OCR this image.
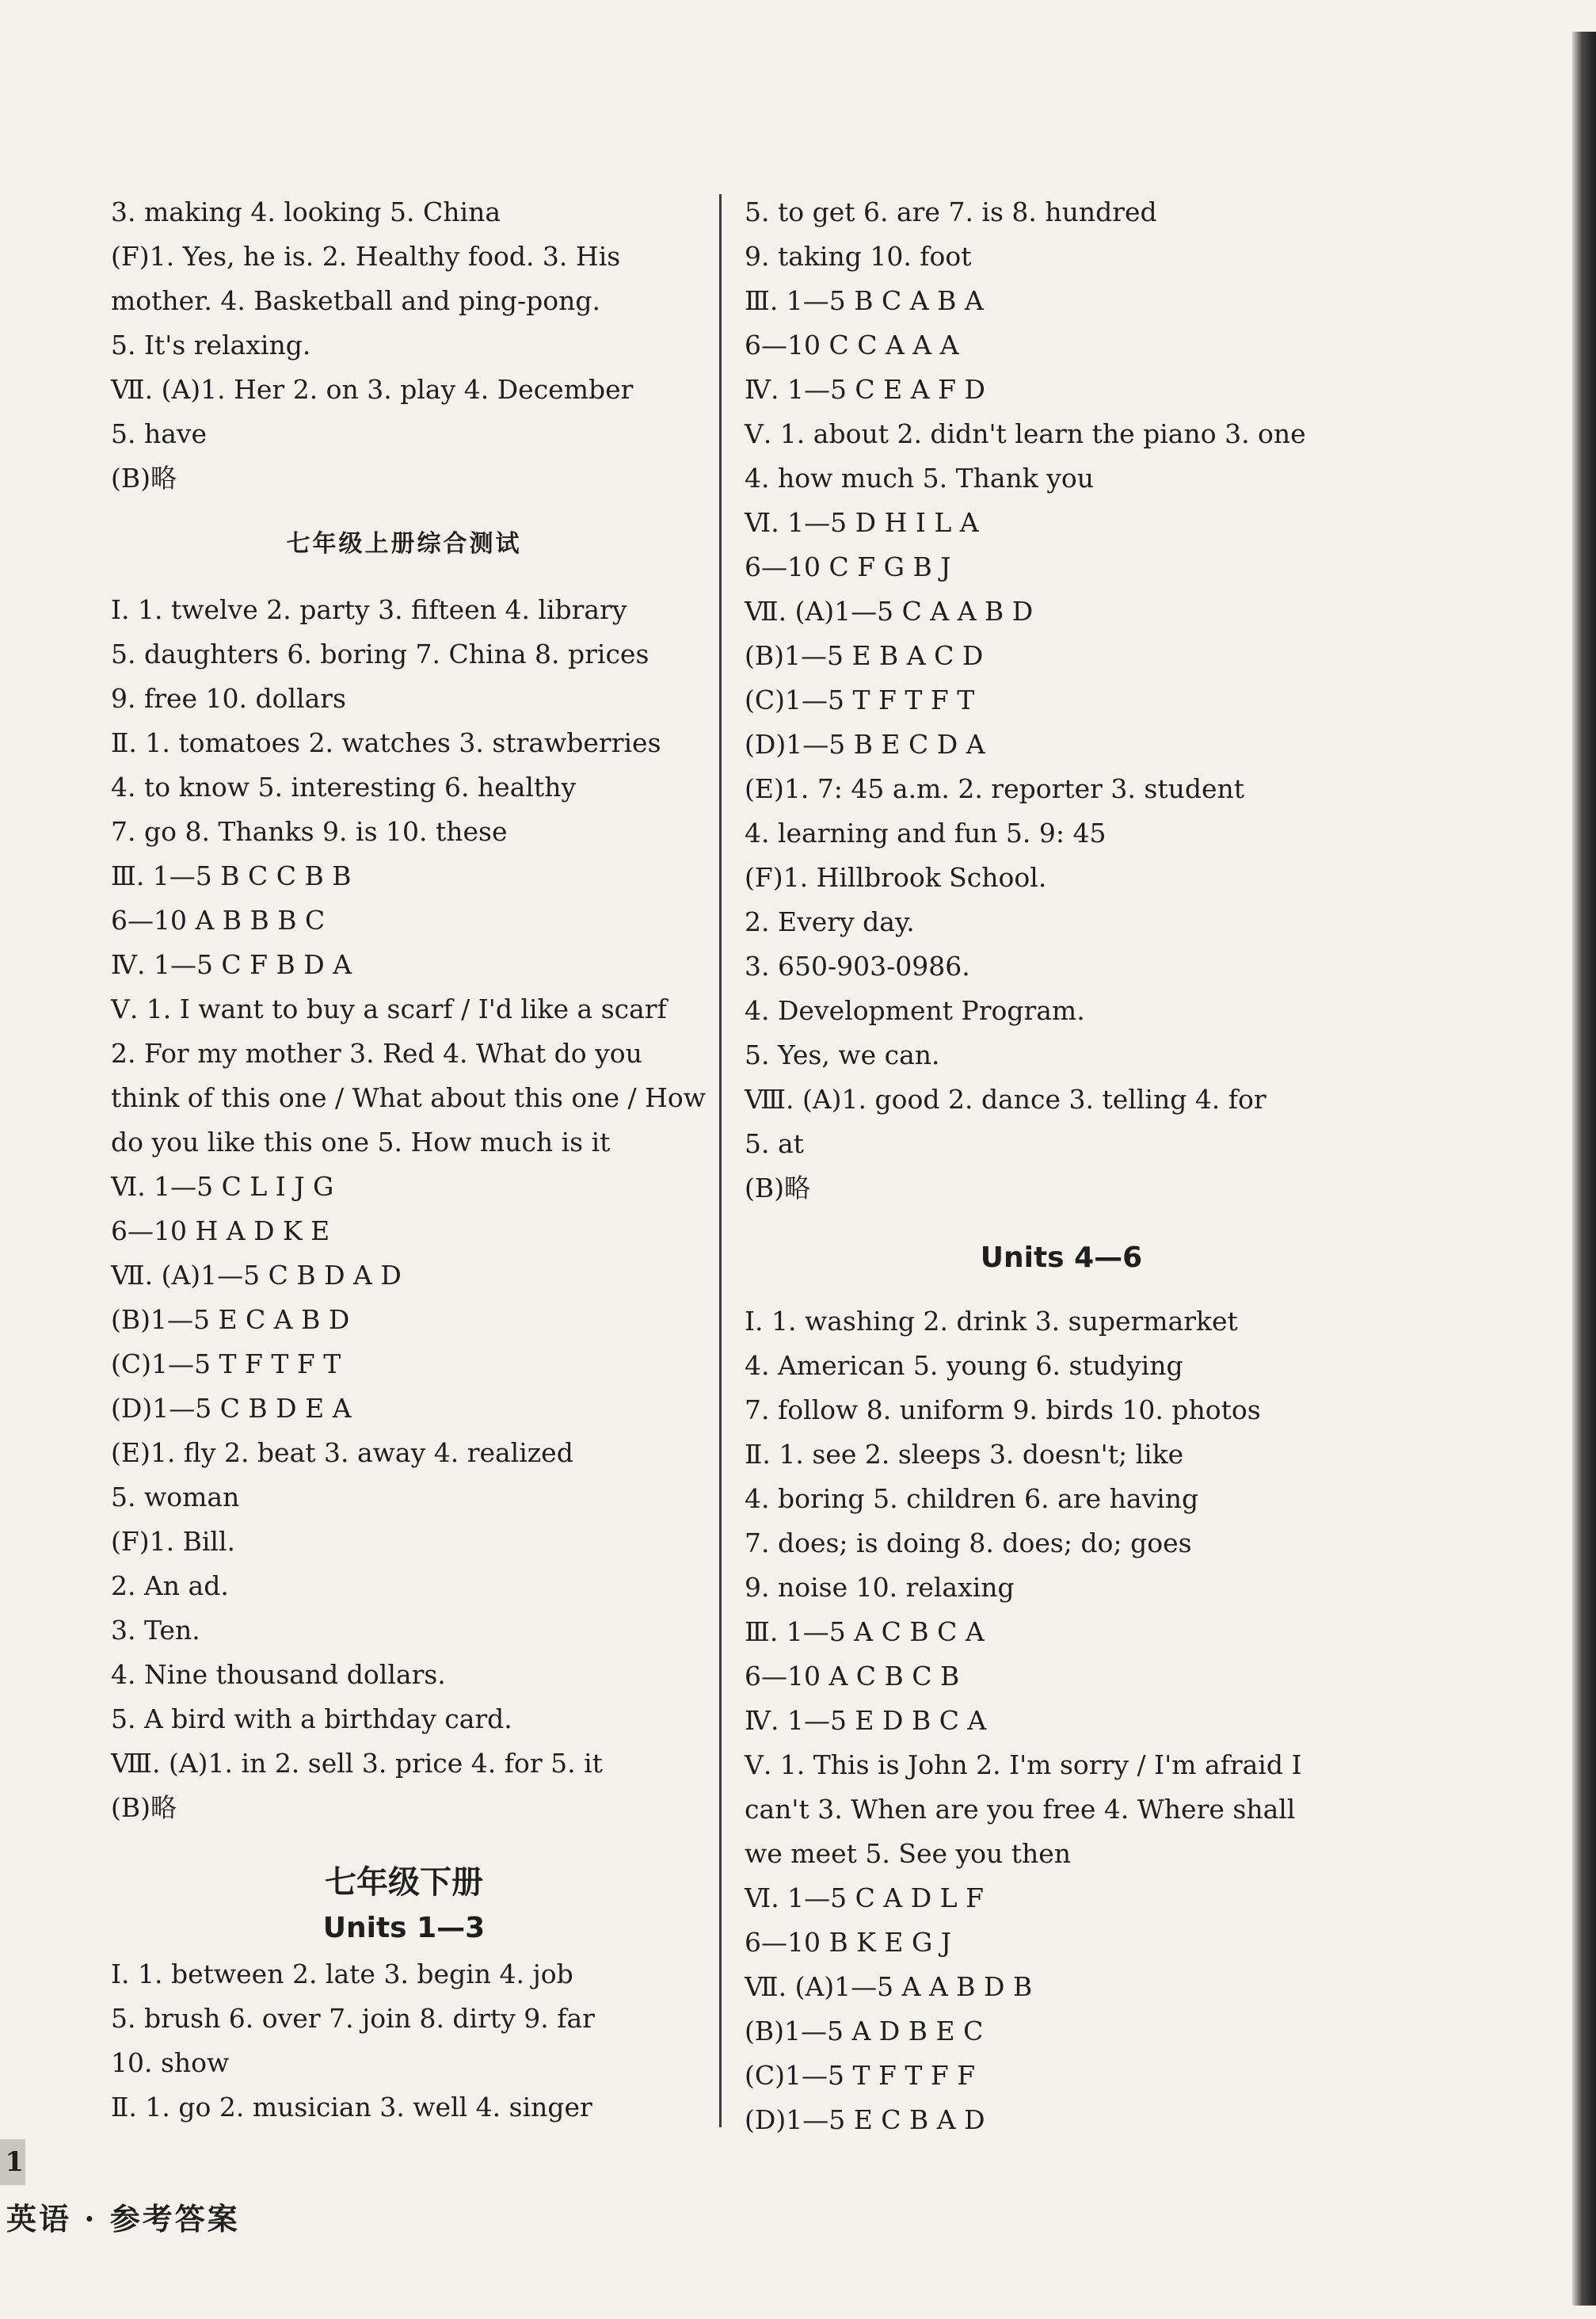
3. making 4. looking 5. China
(F)1. Yes, he is. 2. Healthy food. 3. His
mother. 4. Basketball and ping-pong.
5. It's relaxing.
Ⅶ. (A)1. Her 2. on 3. play 4. December
5. have
(B)略
七年级上册综合测试
Ⅰ. 1. twelve 2. party 3. fifteen 4. library
5. daughters 6. boring 7. China 8. prices
9. free 10. dollars
Ⅱ. 1. tomatoes 2. watches 3. strawberries
4. to know 5. interesting 6. healthy
7. go 8. Thanks 9. is 10. these
Ⅲ. 1—5 B C C B B
6—10 A B B B C
Ⅳ. 1—5 C F B D A
Ⅴ. 1. I want to buy a scarf / I'd like a scarf
2. For my mother 3. Red 4. What do you
think of this one / What about this one / How
do you like this one 5. How much is it
Ⅵ. 1—5 C L I J G
6—10 H A D K E
Ⅶ. (A)1—5 C B D A D
(B)1—5 E C A B D
(C)1—5 T F T F T
(D)1—5 C B D E A
(E)1. fly 2. beat 3. away 4. realized
5. woman
(F)1. Bill.
2. An ad.
3. Ten.
4. Nine thousand dollars.
5. A bird with a birthday card.
Ⅷ. (A)1. in 2. sell 3. price 4. for 5. it
(B)略
七年级下册
Units 1—3
Ⅰ. 1. between 2. late 3. begin 4. job
5. brush 6. over 7. join 8. dirty 9. far
10. show
Ⅱ. 1. go 2. musician 3. well 4. singer
5. to get 6. are 7. is 8. hundred
9. taking 10. foot
Ⅲ. 1—5 B C A B A
6—10 C C A A A
Ⅳ. 1—5 C E A F D
Ⅴ. 1. about 2. didn't learn the piano 3. one
4. how much 5. Thank you
Ⅵ. 1—5 D H I L A
6—10 C F G B J
Ⅶ. (A)1—5 C A A B D
(B)1—5 E B A C D
(C)1—5 T F T F T
(D)1—5 B E C D A
(E)1. 7: 45 a.m. 2. reporter 3. student
4. learning and fun 5. 9: 45
(F)1. Hillbrook School.
2. Every day.
3. 650-903-0986.
4. Development Program.
5. Yes, we can.
Ⅷ. (A)1. good 2. dance 3. telling 4. for
5. at
(B)略
Units 4—6
Ⅰ. 1. washing 2. drink 3. supermarket
4. American 5. young 6. studying
7. follow 8. uniform 9. birds 10. photos
Ⅱ. 1. see 2. sleeps 3. doesn't; like
4. boring 5. children 6. are having
7. does; is doing 8. does; do; goes
9. noise 10. relaxing
Ⅲ. 1—5 A C B C A
6—10 A C B C B
Ⅳ. 1—5 E D B C A
Ⅴ. 1. This is John 2. I'm sorry / I'm afraid I
can't 3. When are you free 4. Where shall
we meet 5. See you then
Ⅵ. 1—5 C A D L F
6—10 B K E G J
Ⅶ. (A)1—5 A A B D B
(B)1—5 A D B E C
(C)1—5 T F T F F
(D)1—5 E C B A D
1
英语 · 参考答案
